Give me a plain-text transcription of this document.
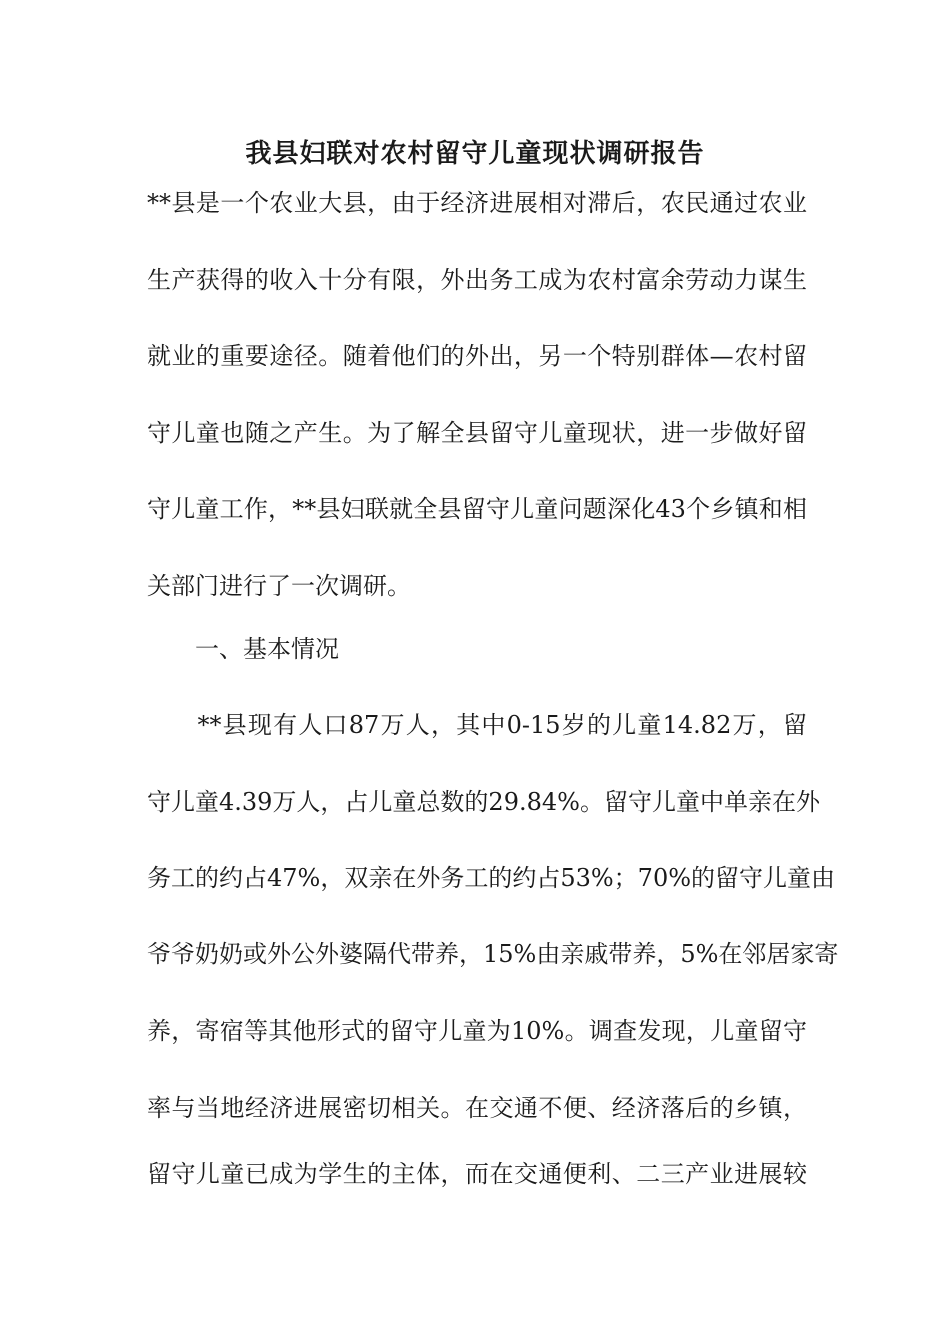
我县妇联对农村留守儿童现状调研报告

**县是一个农业大县，由于经济进展相对滞后，农民通过农业

生产获得的收入十分有限，外出务工成为农村富余劳动力谋生

就业的重要途径。随着他们的外出，另一个特别群体—农村留

守儿童也随之产生。为了解全县留守儿童现状，进一步做好留

守儿童工作，**县妇联就全县留守儿童问题深化43个乡镇和相

关部门进行了一次调研。

　　一、基本情况

　　**县现有人口87万人，其中0-15岁的儿童14.82万，留

守儿童4.39万人，占儿童总数的29.84%。留守儿童中单亲在外

务工的约占47%，双亲在外务工的约占53%；70%的留守儿童由

爷爷奶奶或外公外婆隔代带养，15%由亲戚带养，5%在邻居家寄

养，寄宿等其他形式的留守儿童为10%。调查发现，儿童留守

率与当地经济进展密切相关。在交通不便、经济落后的乡镇，

留守儿童已成为学生的主体，而在交通便利、二三产业进展较
